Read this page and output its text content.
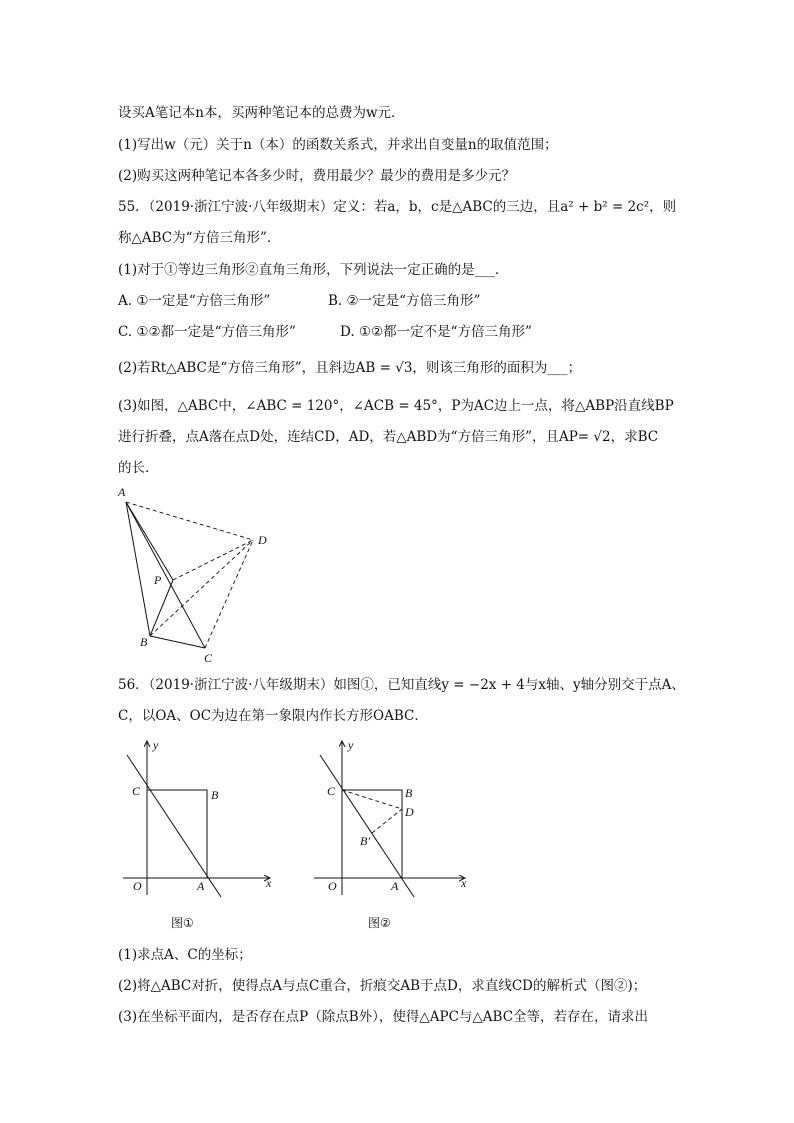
设买A笔记本n本，买两种笔记本的总费为w元．
(1)写出w（元）关于n（本）的函数关系式，并求出自变量n的取值范围；
(2)购买这两种笔记本各多少时，费用最少？最少的费用是多少元？
55．（2019·浙江宁波·八年级期末）定义：若a，b，c是△ABC的三边，且a² + b² = 2c²，则
称△ABC为“方倍三角形”．
(1)对于①等边三角形②直角三角形，下列说法一定正确的是___．
A. ①一定是“方倍三角形”	B. ②一定是“方倍三角形”
C. ①②都一定是“方倍三角形”	D. ①②都一定不是“方倍三角形”
(2)若Rt△ABC是“方倍三角形”，且斜边AB = √3，则该三角形的面积为___；
(3)如图，△ABC中，∠ABC = 120°，∠ACB = 45°，P为AC边上一点，将△ABP沿直线BP
进行折叠，点A落在点D处，连结CD，AD，若△ABD为“方倍三角形”，且AP= √2，求BC
的长．
A
D
P
B
C
56．（2019·浙江宁波·八年级期末）如图①，已知直线y = −2x + 4与x轴、y轴分别交于点A、
C，以OA、OC为边在第一象限内作长方形OABC．
y
x
C	B
O	A
图①
y
x
C	B
D
B'
O	A
图②
(1)求点A、C的坐标；
(2)将△ABC对折，使得点A与点C重合，折痕交AB于点D，求直线CD的解析式（图②)；
(3)在坐标平面内，是否存在点P（除点B外），使得△APC与△ABC全等，若存在，请求出
